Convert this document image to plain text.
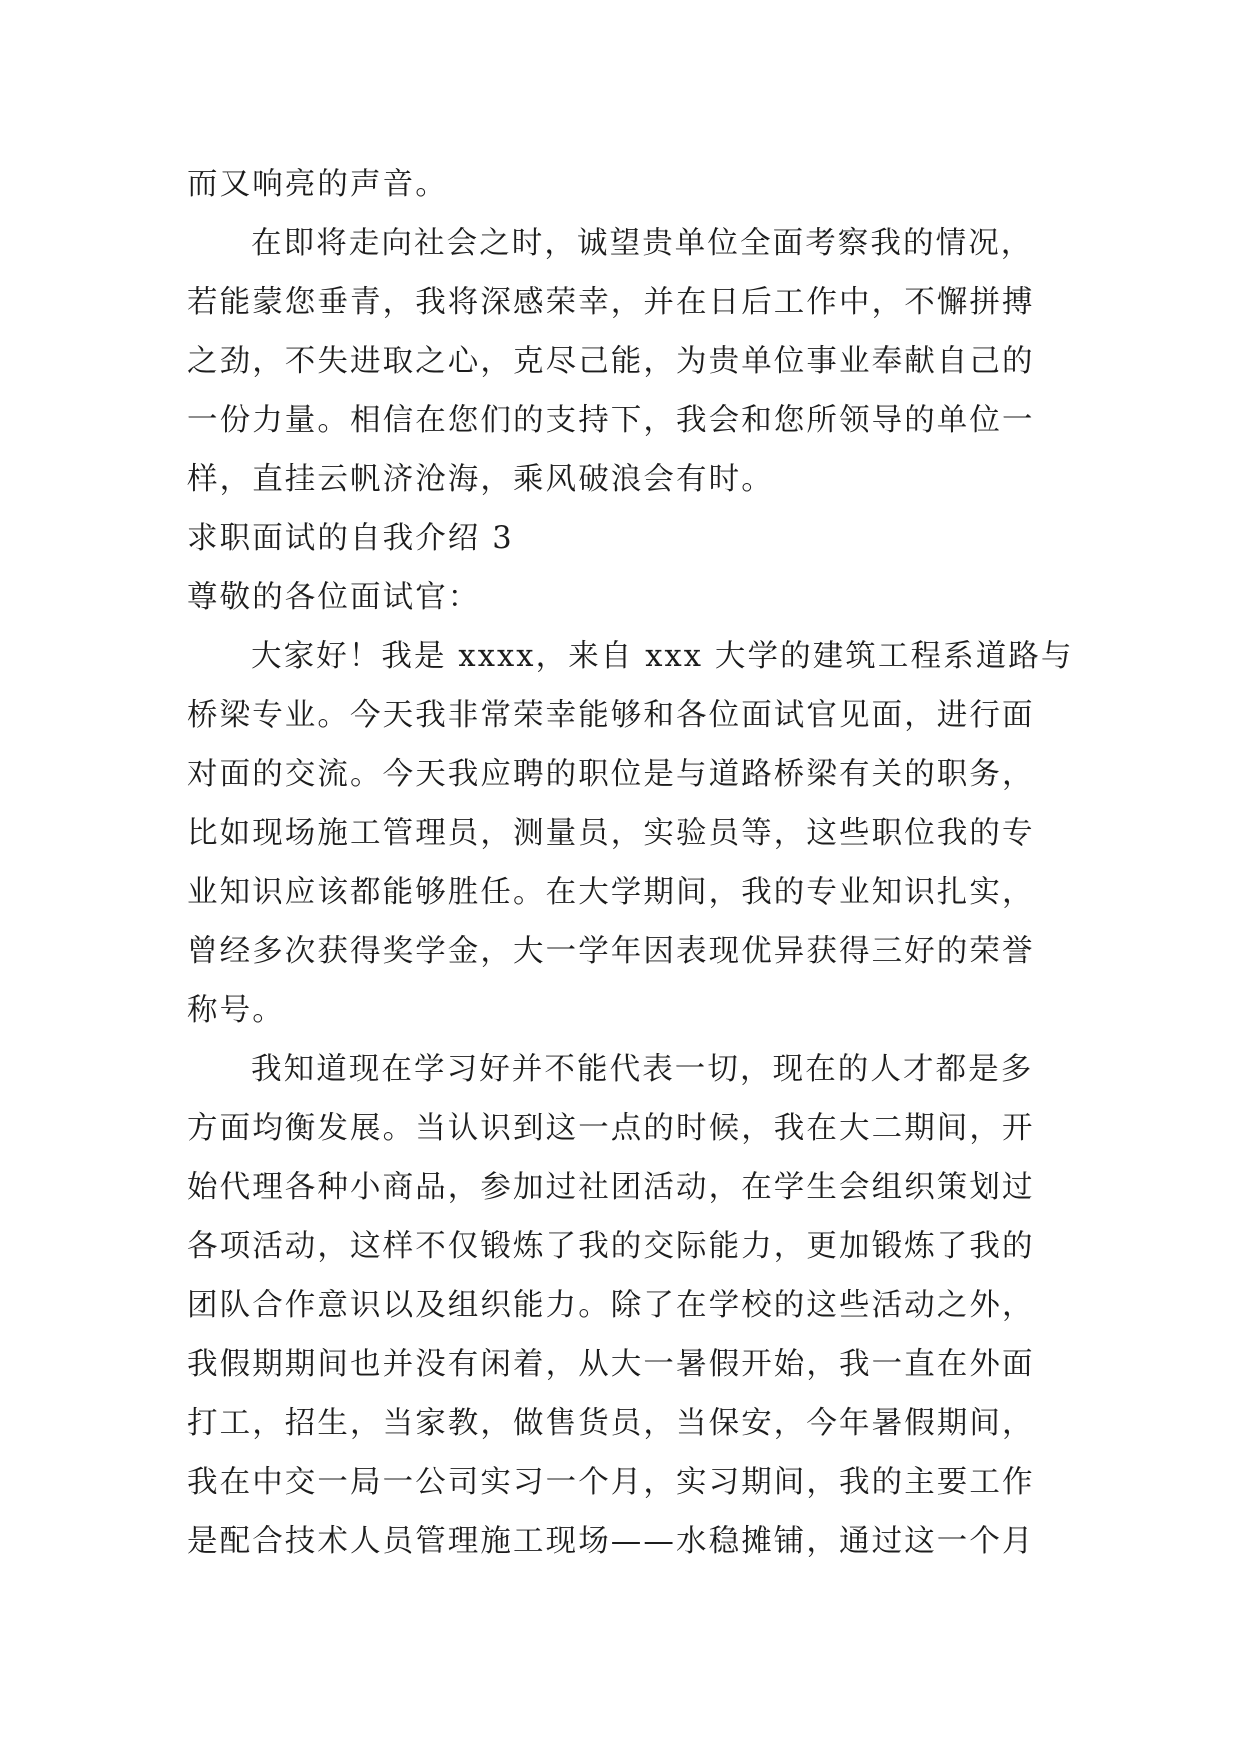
而又响亮的声音。
在即将走向社会之时，诚望贵单位全面考察我的情况，
若能蒙您垂青，我将深感荣幸，并在日后工作中，不懈拼搏
之劲，不失进取之心，克尽己能，为贵单位事业奉献自己的
一份力量。相信在您们的支持下，我会和您所领导的单位一
样，直挂云帆济沧海，乘风破浪会有时。
求职面试的自我介绍 3
尊敬的各位面试官：
大家好！我是 xxxx，来自 xxx 大学的建筑工程系道路与
桥梁专业。今天我非常荣幸能够和各位面试官见面，进行面
对面的交流。今天我应聘的职位是与道路桥梁有关的职务，
比如现场施工管理员，测量员，实验员等，这些职位我的专
业知识应该都能够胜任。在大学期间，我的专业知识扎实，
曾经多次获得奖学金，大一学年因表现优异获得三好的荣誉
称号。
我知道现在学习好并不能代表一切，现在的人才都是多
方面均衡发展。当认识到这一点的时候，我在大二期间，开
始代理各种小商品，参加过社团活动，在学生会组织策划过
各项活动，这样不仅锻炼了我的交际能力，更加锻炼了我的
团队合作意识以及组织能力。除了在学校的这些活动之外，
我假期期间也并没有闲着，从大一暑假开始，我一直在外面
打工，招生，当家教，做售货员，当保安，今年暑假期间，
我在中交一局一公司实习一个月，实习期间，我的主要工作
是配合技术人员管理施工现场——水稳摊铺，通过这一个月
